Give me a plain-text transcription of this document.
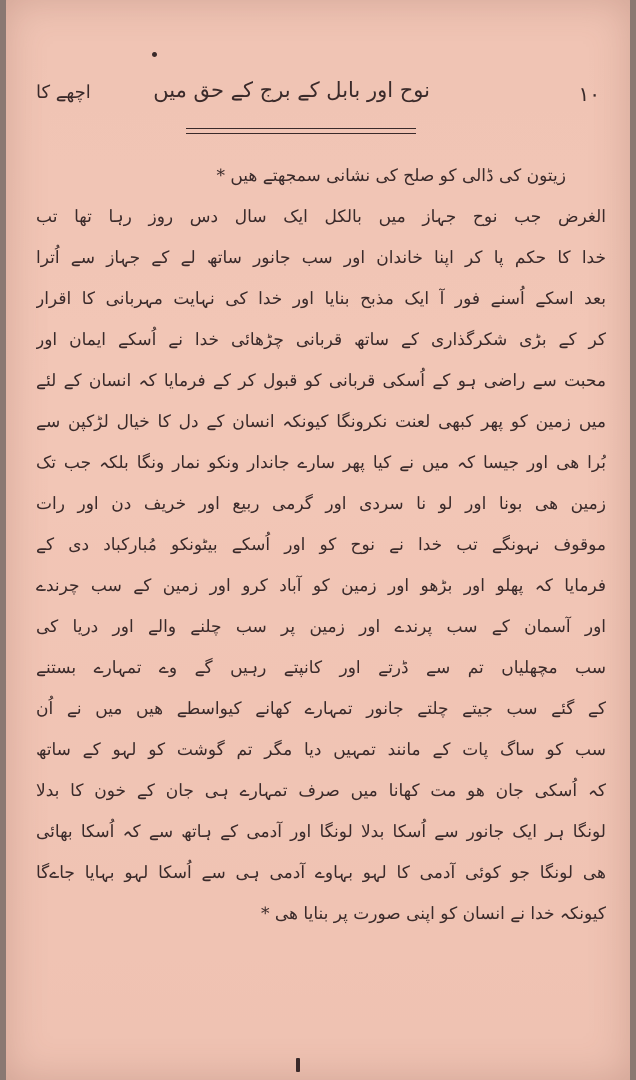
١٠
نوح اور بابل کے برج کے حق میں
اچھے کا
زیتون کی ڈالی کو صلح کی نشانی سمجھتے ھیں *
الغرض جب نوح جہاز میں بالکل ایک سال دس روز رہا تھا تب
خدا کا حکم پا کر اپنا خاندان اور سب جانور ساتھ لے کے جہاز سے اُترا
بعد اسکے اُسنے فور آ ایک مذبح بنایا اور خدا کی نہایت مہربانی کا اقرار
کر کے بڑی شکرگذاری کے ساتھ قربانی چڑھائی خدا نے اُسکے ایمان اور
محبت سے راضی ہو کے اُسکی قربانی کو قبول کر کے فرمایا کہ انسان کے لئے
میں زمین کو پھر کبھی لعنت نکرونگا کیونکہ انسان کے دل کا خیال لڑکپن سے
بُرا ھی اور جیسا کہ میں نے کیا پھر سارے جاندار ونکو نمار ونگا بلکہ جب تک
زمین ھی بونا اور لو نا سردی اور گرمی ربیع اور خریف دن اور رات
موقوف نہونگے تب خدا نے نوح کو اور اُسکے بیٹونکو مُبارکباد دی کے
فرمایا کہ پھلو اور بڑھو اور زمین کو آباد کرو اور زمین کے سب چرندے
اور آسمان کے سب پرندے اور زمین پر سب چلنے والے اور دریا کی
سب مچھلیاں تم سے ڈرتے اور کانپتے رہیں گے وے تمہارے بستنے
کے گئے سب جیتے چلتے جانور تمہارے کھانے کیواسطے ھیں میں نے اُن
سب کو ساگ پات کے مانند تمہیں دیا مگر تم گوشت کو لہو کے ساتھ
کہ اُسکی جان ھو مت کھانا میں صرف تمہارے ہی جان کے خون کا بدلا
لونگا ہر ایک جانور سے اُسکا بدلا لونگا اور آدمی کے ہاتھ سے کہ اُسکا بھائی
ھی لونگا جو کوئی آدمی کا لہو بہاوے آدمی ہی سے اُسکا لہو بہایا جاےگا
کیونکہ خدا نے انسان کو اپنی صورت پر بنایا ھی *
